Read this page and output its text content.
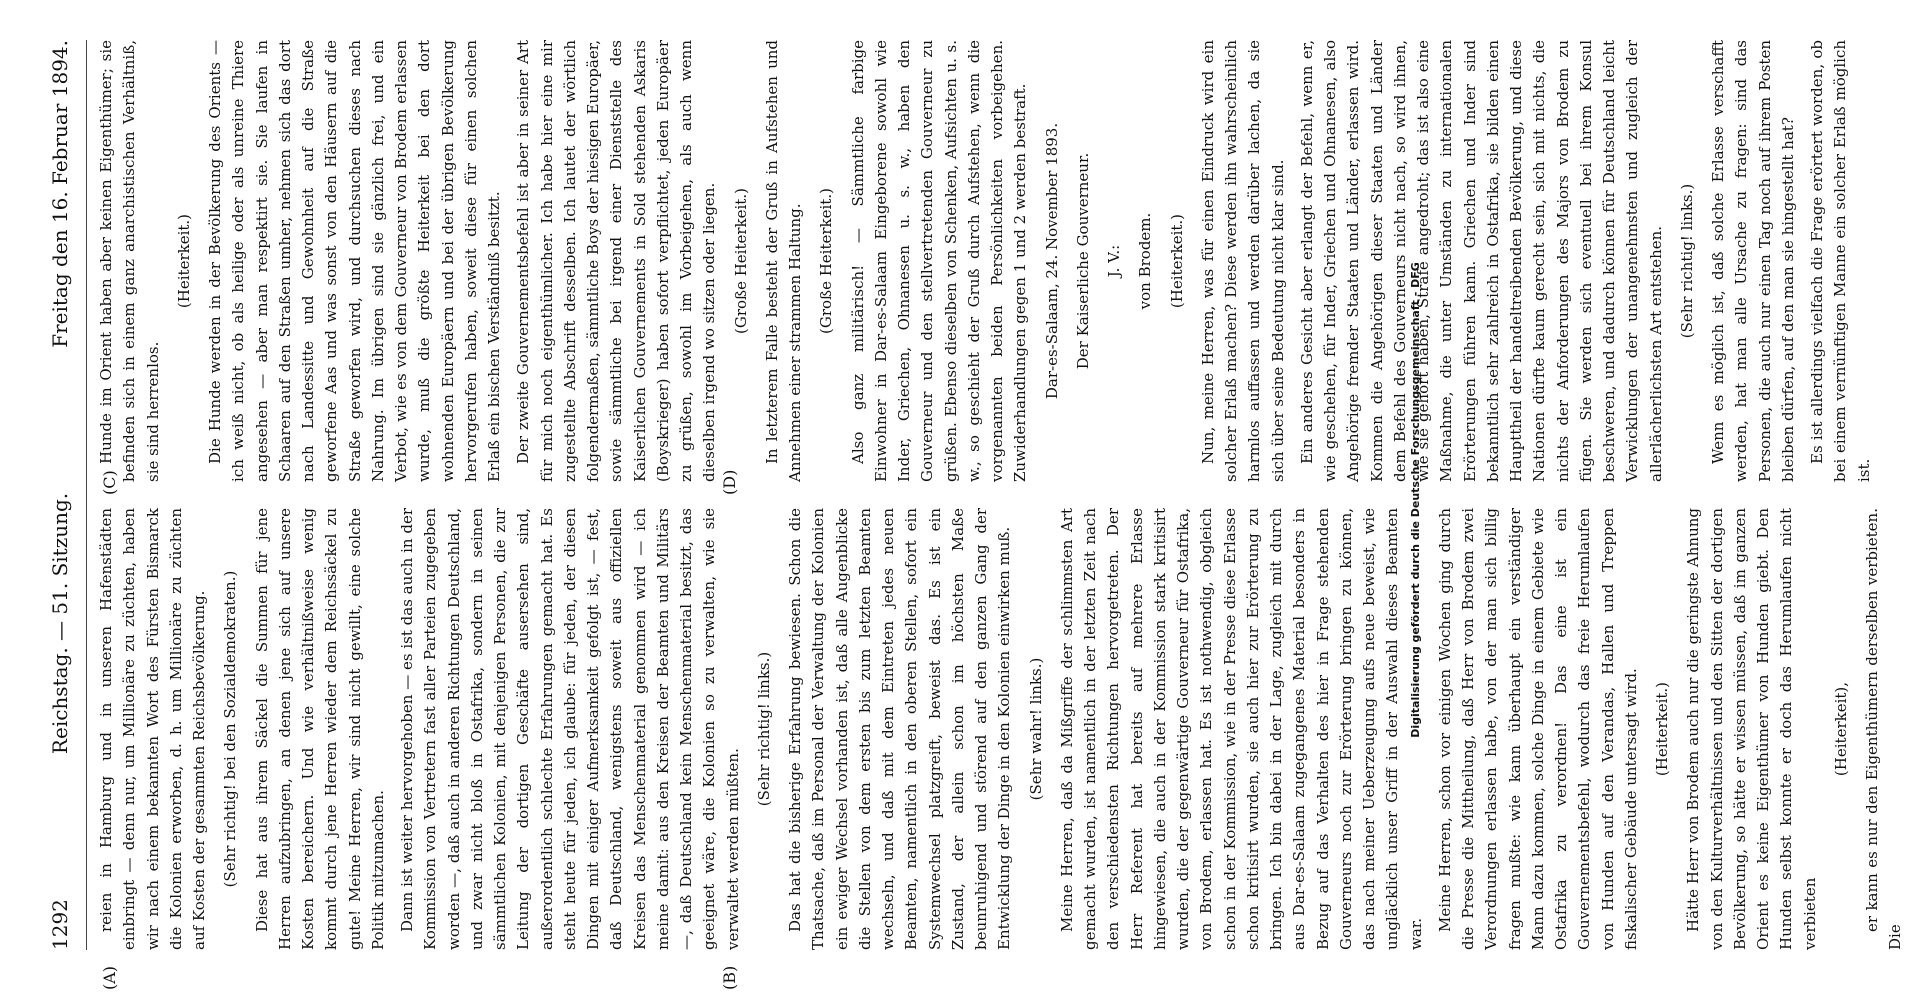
1292
Reichstag. — 51. Sitzung.
Freitag den 16. Februar 1894.
(A)	(B)
(C)	(D)

reien in Hamburg und in unseren Hafenstädten einbringt — denn nur, um Millionäre zu züchten, haben wir nach einem bekannten Wort des Fürsten Bismarck die Kolonien erworben, d. h. um Millionäre zu züchten auf Kosten der gesammten Reichsbevölkerung. (Sehr richtig! bei den Sozialdemokraten.) Diese hat aus ihrem Säckel die Summen für jene Herren aufzubringen, an denen jene sich auf unsere Kosten bereichern. Und wie verhältnißweise wenig kommt durch jene Herren wieder dem Reichssäckel zu gute! Meine Herren, wir sind nicht gewillt, eine solche Politik mitzumachen. Dann ist weiter hervorgehoben — es ist das auch in der Kommission von Vertretern fast aller Parteien zugegeben worden —, daß auch in anderen Richtungen Deutschland, und zwar nicht bloß in Ostafrika, sondern in seinen sämmtlichen Kolonien, mit denjenigen Personen, die zur Leitung der dortigen Geschäfte ausersehen sind, außerordentlich schlechte Erfahrungen gemacht hat. Es steht heute für jeden, ich glaube: für jeden, der diesen Dingen mit einiger Aufmerksamkeit gefolgt ist, — fest, daß Deutschland, wenigstens soweit aus offiziellen Kreisen das Menschenmaterial genommen wird — ich meine damit: aus den Kreisen der Beamten und Militärs —, daß Deutschland kein Menschenmaterial besitzt, das geeignet wäre, die Kolonien so zu verwalten, wie sie verwaltet werden müßten.

(Sehr richtig! links.) Das hat die bisherige Erfahrung bewiesen. Schon die Thatsache, daß im Personal der Verwaltung der Kolonien ein ewiger Wechsel vorhanden ist, daß alle Augenblicke die Stellen von dem ersten bis zum letzten Beamten wechseln, und daß mit dem Eintreten jedes neuen Beamten, namentlich in den oberen Stellen, sofort ein Systemwechsel platzgreift, beweist das. Es ist ein Zustand, der allein schon im höchsten Maße beunruhigend und störend auf den ganzen Gang der Entwicklung der Dinge in den Kolonien einwirken muß. (Sehr wahr! links.) Meine Herren, daß da Mißgriffe der schlimmsten Art gemacht wurden, ist namentlich in der letzten Zeit nach den verschiedensten Richtungen hervorgetreten. Der Herr Referent hat bereits auf mehrere Erlasse hingewiesen, die auch in der Kommission stark kritisirt wurden, die der gegenwärtige Gouverneur für Ostafrika, von Brodem, erlassen hat. Es ist nothwendig, obgleich schon in der Kommission, wie in der Presse diese Erlasse schon kritisirt wurden, sie auch hier zur Erörterung zu bringen. Ich bin dabei in der Lage, zugleich mit durch aus Dar-es-Salaam zugegangenes Material besonders in Bezug auf das Verhalten des hier in Frage stehenden Gouverneurs noch zur Erörterung bringen zu können, das nach meiner Ueberzeugung aufs neue beweist, wie ungläcklich unser Griff in der Auswahl dieses Beamten war.

Meine Herren, schon vor einigen Wochen ging durch die Presse die Mittheilung, daß Herr von Brodem zwei Verordnungen erlassen habe, von der man sich billig fragen mußte: wie kann überhaupt ein verständiger Mann dazu kommen, solche Dinge in einem Gebiete wie Ostafrika zu verordnen! Das eine ist ein Gouvernementsbefehl, wodurch das freie Herumlaufen von Hunden auf den Verandas, Hallen und Treppen fiskalischer Gebäude untersagt wird. (Heiterkeit.) Hätte Herr von Brodem auch nur die geringste Ahnung von den Kulturverhältnissen und den Sitten der dortigen Bevölkerung, so hätte er wissen müssen, daß im ganzen Orient es keine Eigenthümer von Hunden giebt. Den Hunden selbst konnte er doch das Herumlaufen nicht verbieten

(Heiterkeit), er kann es nur den Eigenthümern derselben verbieten. Die

Hunde im Orient haben aber keinen Eigenthümer; sie befinden sich in einem ganz anarchistischen Verhältniß, sie sind herrenlos.

(Heiterkeit.) Die Hunde werden in der Bevölkerung des Orients — ich weiß nicht, ob als heilige oder als unreine Thiere angesehen — aber man respektirt sie. Sie laufen in Schaaren auf den Straßen umher, nehmen sich das dort nach Landessitte und Gewohnheit auf die Straße geworfene Aas und was sonst von den Häusern auf die Straße geworfen wird, und durchsuchen dieses nach Nahrung. Im übrigen sind sie gänzlich frei, und ein Verbot, wie es von dem Gouverneur von Brodem erlassen wurde, muß die größte Heiterkeit bei den dort wohnenden Europäern und bei der übrigen Bevölkerung hervorgerufen haben, soweit diese für einen solchen Erlaß ein bischen Verständniß besitzt. Der zweite Gouvernementsbefehl ist aber in seiner Art für mich noch eigenthümlicher. Ich habe hier eine mir zugestellte Abschrift desselben. Ich lautet der wörtlich folgendermaßen, sämmtliche Boys der hiesigen Europäer, sowie sämmtliche bei irgend einer Dienststelle des Kaiserlichen Gouvernements in Sold stehenden Askaris (Boyskrieger) haben sofort verpflichtet, jeden Europäer zu grüßen, sowohl im Vorbeigehen, als auch wenn dieselben irgend wo sitzen oder liegen. (Große Heiterkeit.) In letzterem Falle besteht der Gruß in Aufstehen und Annehmen einer strammen Haltung. (Große Heiterkeit.) Also ganz militärisch! — Sämmtliche farbige Einwohner in Dar-es-Salaam Eingeborene sowohl wie Inder, Griechen, Ohnanesen u. s. w., haben den Gouverneur und den stellvertretenden Gouverneur zu grüßen. Ebenso dieselben von Schenken, Aufsichten u. s. w., so geschieht der Gruß durch Aufstehen, wenn die vorgenannten beiden Persönlichkeiten vorbeigehen. Zuwiderhandlungen gegen 1 und 2 werden bestraft. Dar-es-Salaam, 24. November 1893. Der Kaiserliche Gouverneur. J. V.: von Brodem. (Heiterkeit.) Nun, meine Herren, was für einen Eindruck wird ein solcher Erlaß machen? Diese werden ihn wahrscheinlich harmlos auffassen und werden darüber lachen, da sie sich über seine Bedeutung nicht klar sind. Ein anderes Gesicht aber erlangt der Befehl, wenn er, wie geschehen, für Inder, Griechen und Ohnanesen, also Angehörige fremder Staaten und Länder, erlassen wird. Kommen die Angehörigen dieser Staaten und Länder dem Befehl des Gouverneurs nicht nach, so wird ihnen, wie sie gehört haben, Strafe angedroht; das ist also eine Maßnahme, die unter Umständen zu internationalen Erörterungen führen kann. Griechen und Inder sind bekanntlich sehr zahlreich in Ostafrika, sie bilden einen Haupttheil der handeltreibenden Bevölkerung, und diese Nationen dürfte kaum gerecht sein, sich mit nichts, die nichts der Anforderungen des Majors von Brodem zu fügen. Sie werden sich eventuell bei ihrem Konsul beschweren, und dadurch können für Deutschland leicht Verwicklungen der unangenehmsten und zugleich der allerlächerlichsten Art entstehen. (Sehr richtig! links.) Wenn es möglich ist, daß solche Erlasse verschafft werden, hat man alle Ursache zu fragen: sind das Personen, die auch nur einen Tag noch auf ihrem Posten bleiben dürfen, auf den man sie hingestellt hat? Es ist allerdings vielfach die Frage erörtert worden, ob bei einem vernünftigen Manne ein solcher Erlaß möglich ist.

Digitalisierung gefördert durch die Deutsche Forschungsgemeinschaft - DFG
